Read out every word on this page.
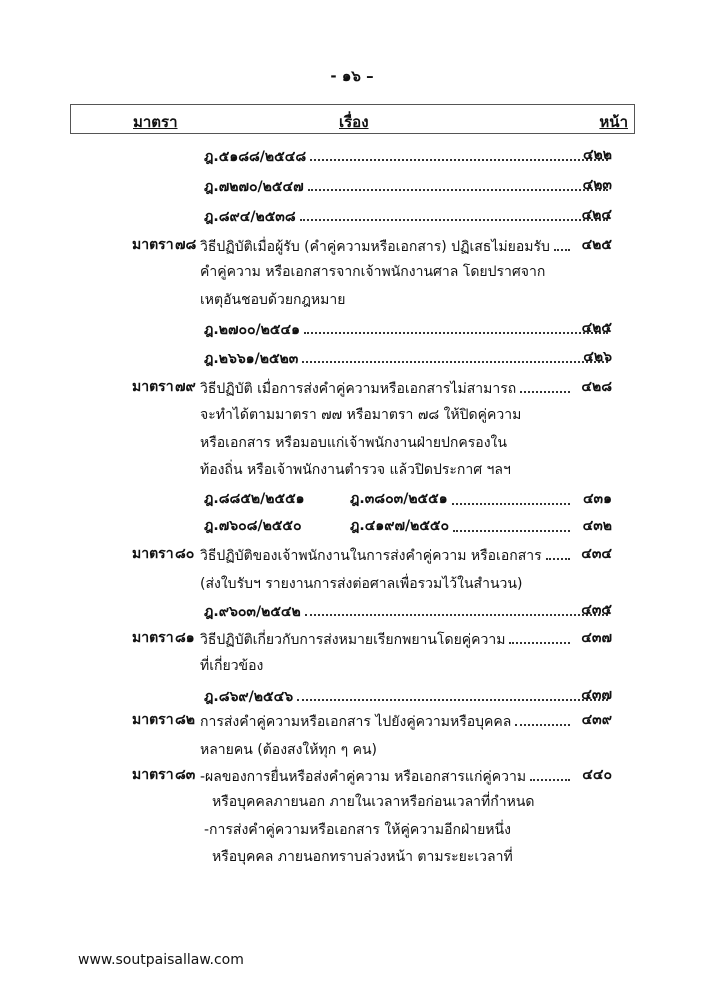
- ๑๖ –
มาตรา	เรื่อง	หน้า
ฎ.๕๑๘๘/๒๕๔๘	๔๒๒
ฎ.๗๒๗๐/๒๕๔๗	๔๒๓
ฎ.๘๙๔/๒๕๓๘	๔๒๔
มาตรา ๗๘ วิธีปฏิบัติเมื่อผู้รับ (คำคู่ความหรือเอกสาร) ปฏิเสธไม่ยอมรับ ๔๒๕
คำคู่ความ หรือเอกสารจากเจ้าพนักงานศาล โดยปราศจาก
เหตุอันชอบด้วยกฎหมาย
ฎ.๒๗๐๐/๒๕๔๑	๔๒๕
ฎ.๒๖๖๑/๒๕๒๓	๔๒๖
มาตรา ๗๙ วิธีปฏิบัติ เมื่อการส่งคำคู่ความหรือเอกสารไม่สามารถ	๔๒๘
จะทำได้ตามมาตรา ๗๗ หรือมาตรา ๗๘ ให้ปิดคู่ความ
หรือเอกสาร หรือมอบแก่เจ้าพนักงานฝ่ายปกครองใน
ท้องถิ่น หรือเจ้าพนักงานตำรวจ แล้วปิดประกาศ ฯลฯ
ฎ.๘๘๕๒/๒๕๕๑	ฎ.๓๘๐๓/๒๕๕๑	๔๓๑
ฎ.๗๖๐๘/๒๕๕๐	ฎ.๔๑๙๗/๒๕๕๐	๔๓๒
มาตรา ๘๐ วิธีปฏิบัติของเจ้าพนักงานในการส่งคำคู่ความ หรือเอกสาร	๔๓๔
(ส่งใบรับฯ รายงานการส่งต่อศาลเพื่อรวมไว้ในสำนวน)
ฎ.๙๖๐๓/๒๕๔๒	๔๓๕
มาตรา ๘๑ วิธีปฏิบัติเกี่ยวกับการส่งหมายเรียกพยานโดยคู่ความ	๔๓๗
ที่เกี่ยวข้อง
ฎ.๘๖๙/๒๕๔๖	๔๓๗
มาตรา ๘๒ การส่งคำคู่ความหรือเอกสาร ไปยังคู่ความหรือบุคคล	๔๓๙
หลายคน (ต้องสงให้ทุก ๆ คน)
มาตรา ๘๓ -ผลของการยื่นหรือส่งคำคู่ความ หรือเอกสารแก่คู่ความ	๔๔๐
หรือบุคคลภายนอก ภายในเวลาหรือก่อนเวลาที่กำหนด
-การส่งคำคู่ความหรือเอกสาร ให้คู่ความอีกฝ่ายหนึ่ง
หรือบุคคล ภายนอกทราบล่วงหน้า ตามระยะเวลาที่
www.soutpaisallaw.com
